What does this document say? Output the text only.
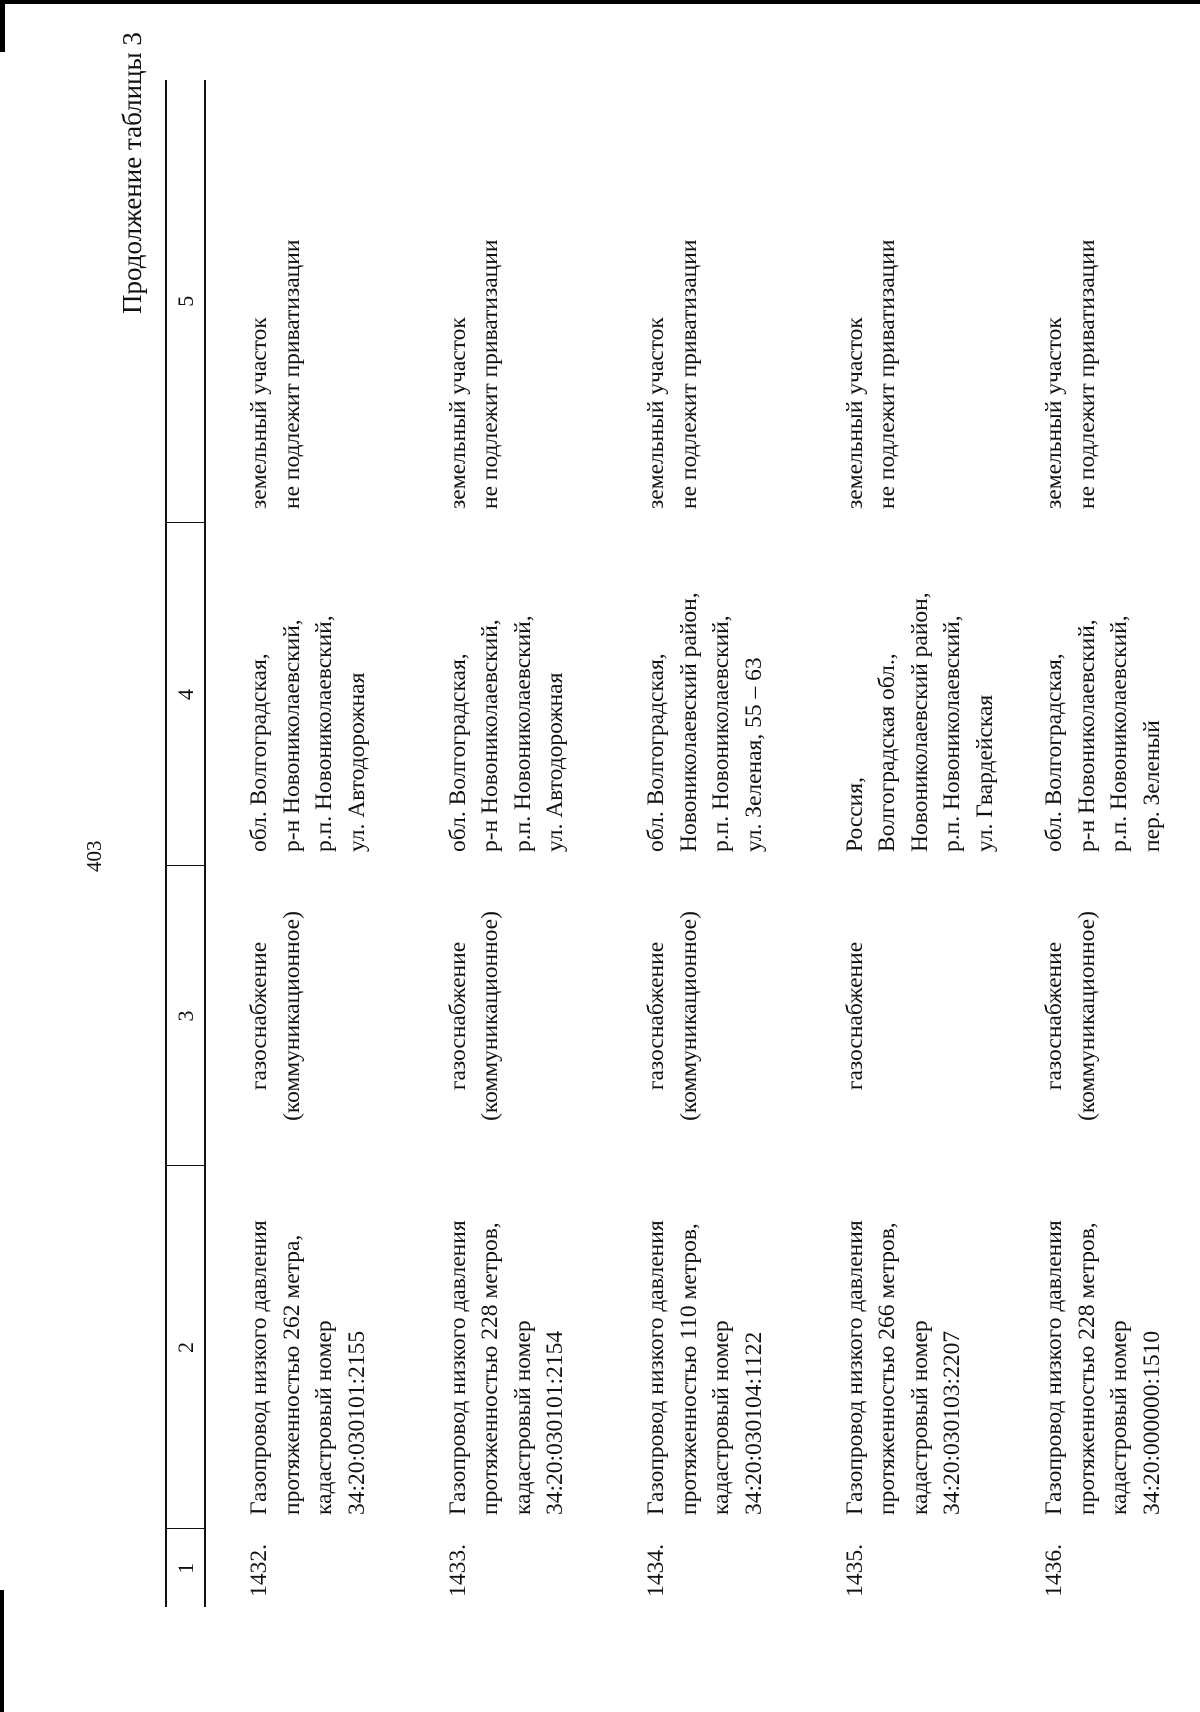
Продолжение таблицы 3
403
1	2	3	4	5
1432.	Газопровод низкого давления протяженностью 262 метра, кадастровый номер 34:20:030101:2155	газоснабжение (коммуникационное)	обл. Волгоградская, р-н Новониколаевский, р.п. Новониколаевский, ул. Автодорожная	земельный участок не подлежит приватизации

1433.	Газопровод низкого давления протяженностью 228 метров, кадастровый номер 34:20:030101:2154	газоснабжение (коммуникационное)	обл. Волгоградская, р-н Новониколаевский, р.п. Новониколаевский, ул. Автодорожная	земельный участок не подлежит приватизации

1434.	Газопровод низкого давления протяженностью 110 метров, кадастровый номер 34:20:030104:1122	газоснабжение (коммуникационное)	обл. Волгоградская, Новониколаевский район, р.п. Новониколаевский, ул. Зеленая, 55 – 63	земельный участок не подлежит приватизации

1435.	Газопровод низкого давления протяженностью 266 метров, кадастровый номер 34:20:030103:2207	газоснабжение	Россия, Волгоградская обл., Новониколаевский район, р.п. Новониколаевский, ул. Гвардейская	земельный участок не подлежит приватизации

1436.	Газопровод низкого давления протяженностью 228 метров, кадастровый номер 34:20:000000:1510	газоснабжение (коммуникационное)	обл. Волгоградская, р-н Новониколаевский, р.п. Новониколаевский, пер. Зеленый	земельный участок не подлежит приватизации
